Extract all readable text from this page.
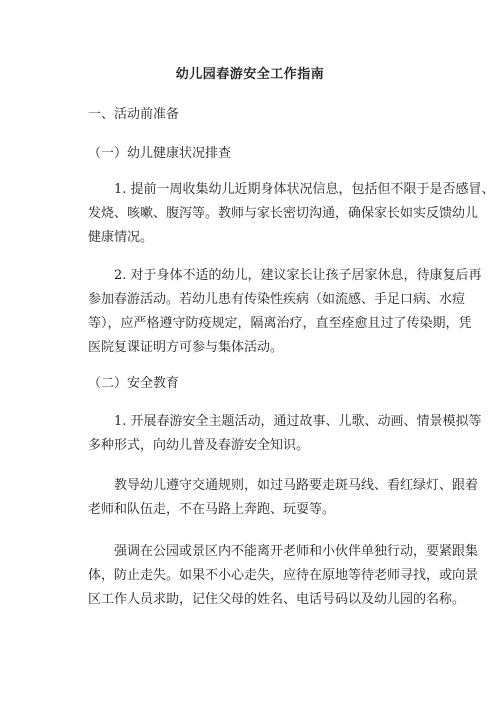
幼儿园春游安全工作指南
一、活动前准备
（一）幼儿健康状况排查
1. 提前一周收集幼儿近期身体状况信息，包括但不限于是否感冒、
发烧、咳嗽、腹泻等。教师与家长密切沟通，确保家长如实反馈幼儿
健康情况。
2. 对于身体不适的幼儿，建议家长让孩子居家休息，待康复后再
参加春游活动。若幼儿患有传染性疾病（如流感、手足口病、水痘
等），应严格遵守防疫规定，隔离治疗，直至痊愈且过了传染期，凭
医院复课证明方可参与集体活动。
（二）安全教育
1. 开展春游安全主题活动，通过故事、儿歌、动画、情景模拟等
多种形式，向幼儿普及春游安全知识。
教导幼儿遵守交通规则，如过马路要走斑马线、看红绿灯、跟着
老师和队伍走，不在马路上奔跑、玩耍等。
强调在公园或景区内不能离开老师和小伙伴单独行动，要紧跟集
体，防止走失。如果不小心走失，应待在原地等待老师寻找，或向景
区工作人员求助，记住父母的姓名、电话号码以及幼儿园的名称。
